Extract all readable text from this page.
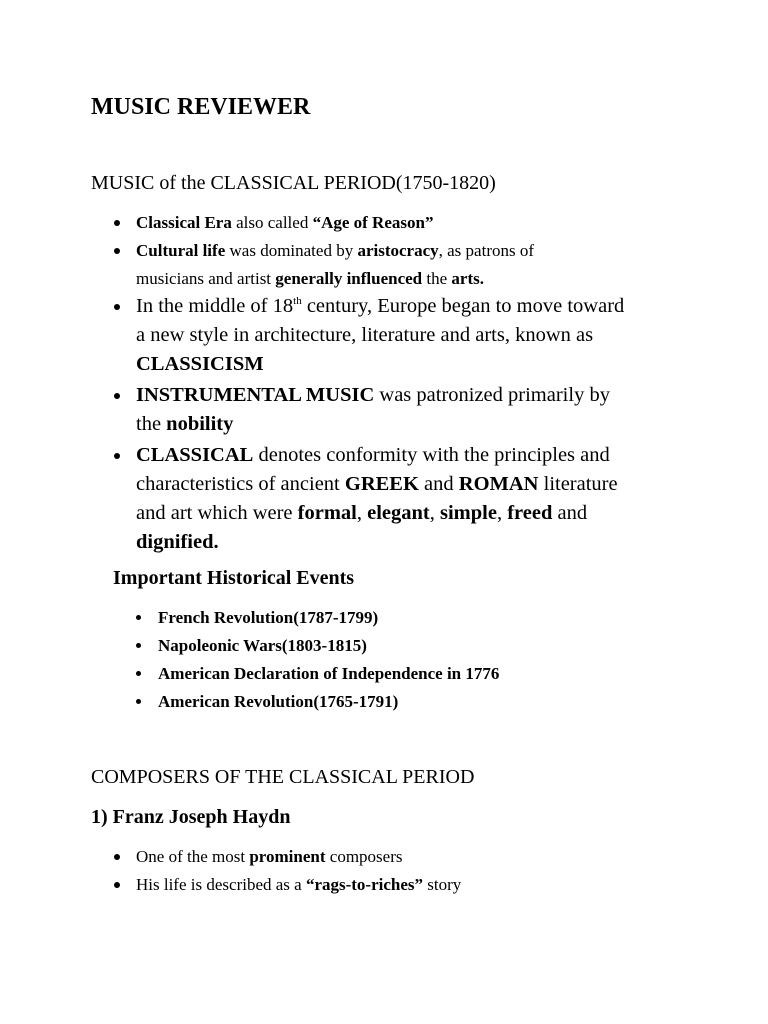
MUSIC REVIEWER
MUSIC of the CLASSICAL PERIOD(1750-1820)
Classical Era also called “Age of Reason”
Cultural life was dominated by aristocracy, as patrons of
musicians and artist generally influenced the arts.
In the middle of 18th century, Europe began to move toward
a new style in architecture, literature and arts, known as
CLASSICISM
INSTRUMENTAL MUSIC was patronized primarily by
the nobility
CLASSICAL denotes conformity with the principles and
characteristics of ancient GREEK and ROMAN literature
and art which were formal, elegant, simple, freed and
dignified.
Important Historical Events
French Revolution(1787-1799)
Napoleonic Wars(1803-1815)
American Declaration of Independence in 1776
American Revolution(1765-1791)
COMPOSERS OF THE CLASSICAL PERIOD
1) Franz Joseph Haydn
One of the most prominent composers
His life is described as a “rags-to-riches” story
